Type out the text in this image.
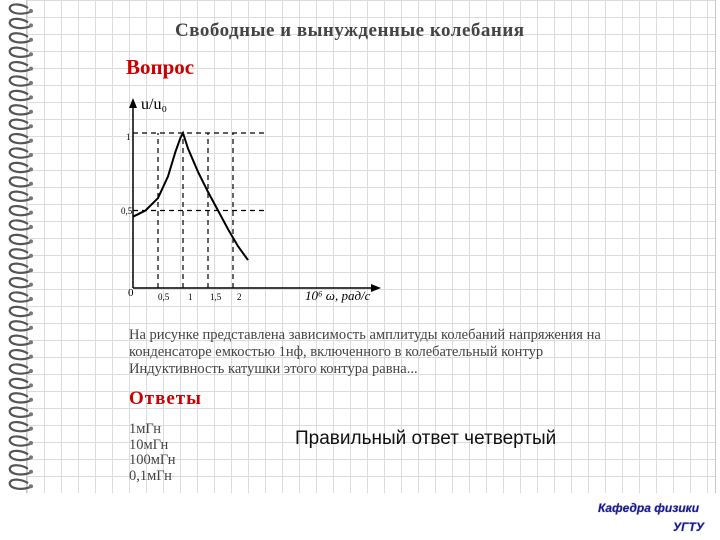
Свободные и вынужденные колебания
Вопрос
u/u₀
10⁶ ω, рад/с
0
1
0,5
0,5 1 1,5 2
На рисунке представлена зависимость амплитуды колебаний напряжения на
конденсаторе емкостью 1нф, включенного в колебательный контур
Индуктивность катушки этого контура равна...
Ответы
1мГн
10мГн
100мГн
0,1мГн
Правильный ответ четвертый
Кафедра физики
УГТУ
